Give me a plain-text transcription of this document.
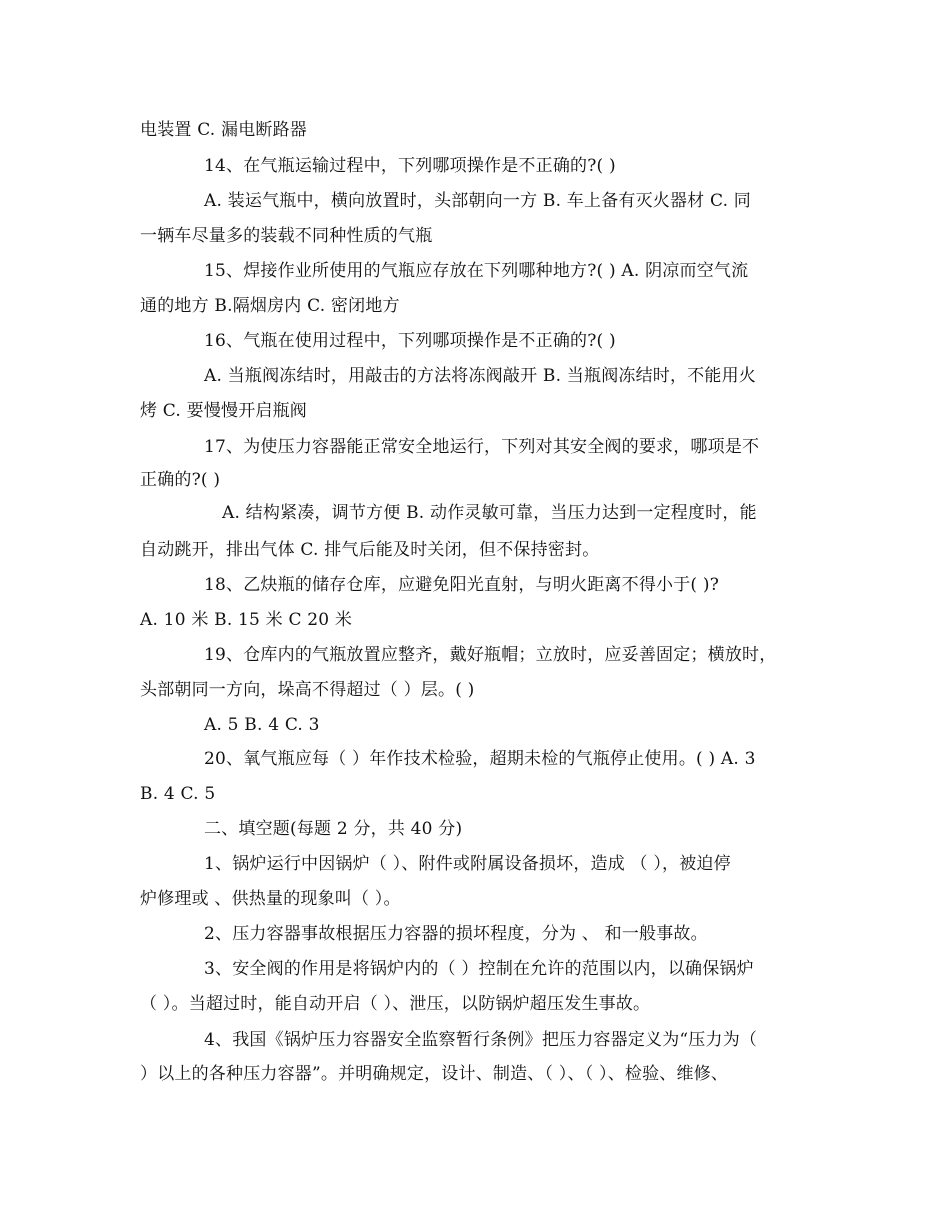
电装置 C. 漏电断路器
14、在气瓶运输过程中，下列哪项操作是不正确的?( )
A. 装运气瓶中，横向放置时，头部朝向一方 B. 车上备有灭火器材 C. 同
一辆车尽量多的装载不同种性质的气瓶
15、焊接作业所使用的气瓶应存放在下列哪种地方?( ) A. 阴凉而空气流
通的地方 B.隔烟房内 C. 密闭地方
16、气瓶在使用过程中，下列哪项操作是不正确的?( )
A. 当瓶阀冻结时，用敲击的方法将冻阀敲开 B. 当瓶阀冻结时，不能用火
烤 C. 要慢慢开启瓶阀
17、为使压力容器能正常安全地运行，下列对其安全阀的要求，哪项是不
正确的?( )
A. 结构紧凑，调节方便 B. 动作灵敏可靠，当压力达到一定程度时，能
自动跳开，排出气体 C. 排气后能及时关闭，但不保持密封。
18、乙炔瓶的储存仓库，应避免阳光直射，与明火距离不得小于( )?
A. 10 米 B. 15 米 C 20 米
19、仓库内的气瓶放置应整齐，戴好瓶帽；立放时，应妥善固定；横放时，
头部朝同一方向，垛高不得超过（ ）层。( )
A. 5 B. 4 C. 3
20、氧气瓶应每（ ）年作技术检验，超期未检的气瓶停止使用。( ) A. 3
B. 4 C. 5
二、填空题(每题 2 分，共 40 分)
1、锅炉运行中因锅炉（ ）、附件或附属设备损坏，造成 （ ），被迫停
炉修理或 、供热量的现象叫（ ）。
2、压力容器事故根据压力容器的损坏程度，分为 、 和一般事故。
3、安全阀的作用是将锅炉内的（ ）控制在允许的范围以内，以确保锅炉
（ ）。当超过时，能自动开启（ ）、泄压，以防锅炉超压发生事故。
4、我国《锅炉压力容器安全监察暂行条例》把压力容器定义为“压力为（
）以上的各种压力容器”。并明确规定，设计、制造、（ ）、（ ）、检验、维修、
